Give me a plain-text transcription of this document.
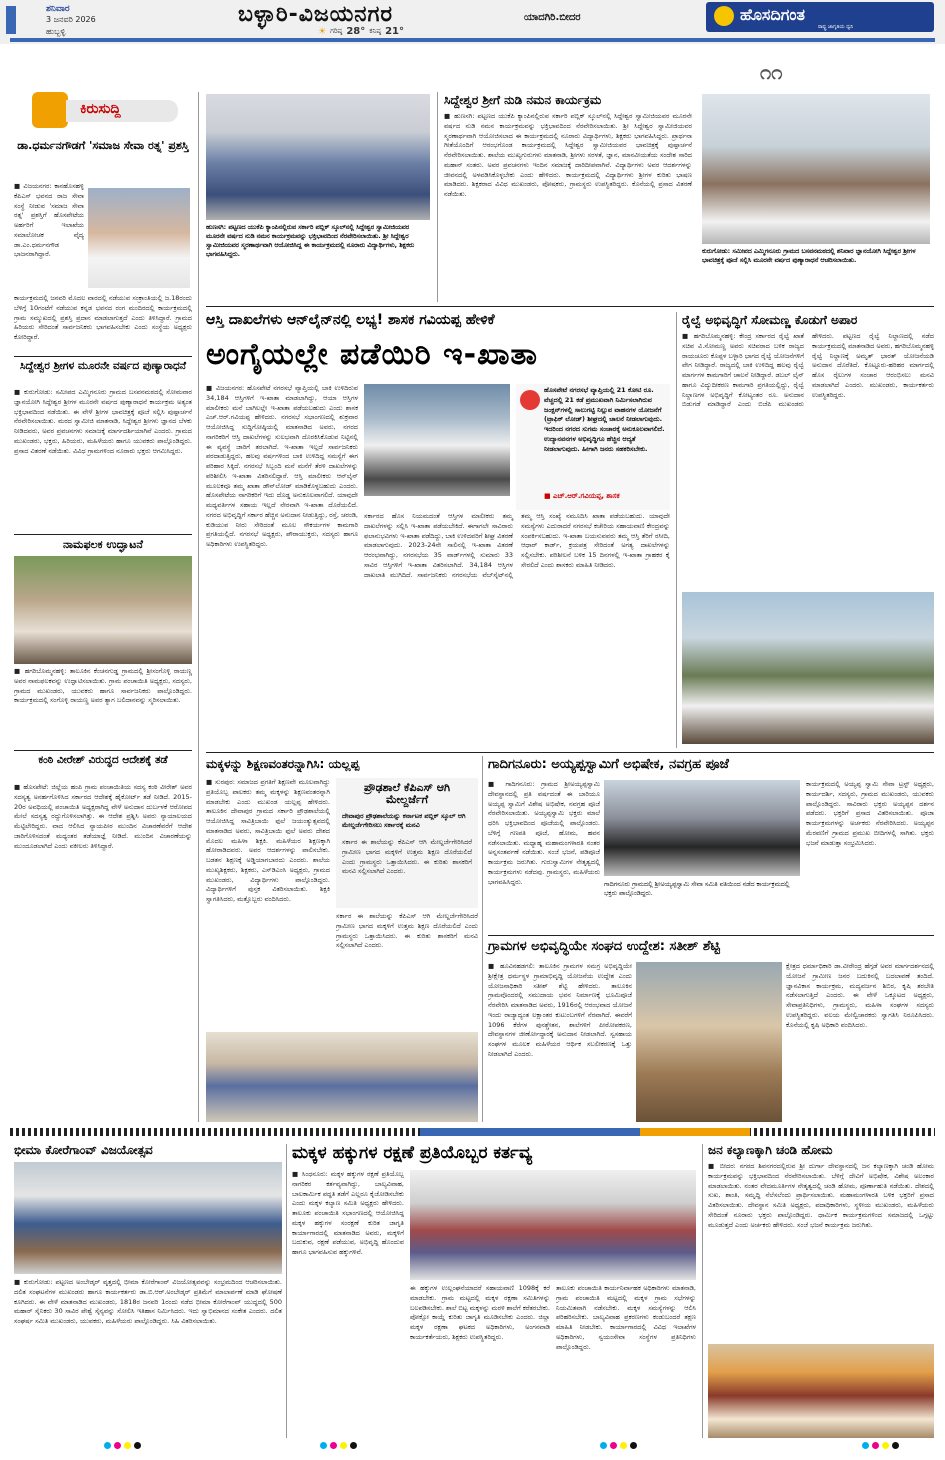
ಶನಿವಾರ
3 ಜನವರಿ 2026
ಹುಬ್ಬಳ್ಳಿ
ಬಳ್ಳಾರಿ-ವಿಜಯನಗರ	ಯಾದಗಿರಿ.ಬೀದರ
☀ ಗರಿಷ್ಠ 28° ಕನಿಷ್ಠ 21°
ಹೊಸದಿಗಂತ
ರಾಷ್ಟ್ರ ಜಾಗೃತಿಯ ಧ್ವನಿ
೧೧
ಕಿರುಸುದ್ದಿ
ಡಾ.ಧರ್ಮನಗೌಡಗೆ 'ಸಮಾಜ ಸೇವಾ ರತ್ನ' ಪ್ರಶಸ್ತಿ
■ ವಿಜಯನಗರ: ಕಾನಹೊಸಹಳ್ಳಿ ಕೆಪಿಎಸ್ ಭವನದ ರಾಜ ಸೇವಾ ಸಂಸ್ಥೆ ನೀಡುವ 'ಸಮಾಜ ಸೇವಾ ರತ್ನ' ಪ್ರಶಸ್ತಿಗೆ ಹೊಸಪೇಟೆಯ ಅರ್ಹರಿಗೆ ಇಲಾಖೆಯ ಸಮಾಲೋಚಕ ವೈದ್ಯ ಡಾ.ಎಂ.ಧರ್ಮನಗೌಡ ಭಾಜನರಾಗಿದ್ದಾರೆ.
ಕಾರ್ಯಕ್ರಮದಲ್ಲಿ ಜನವರಿ ಮೊದಲ ವಾರದಲ್ಲಿ ನಡೆಯುವ ಸಂಕ್ರಾಂತಿಯಲ್ಲಿ ಜ.18ರಂದು ಬೆಳಿಗ್ಗೆ 10ಗಂಟೆಗೆ ನಡೆಯುವ ಕನ್ನಡ ಭವನದ ರಂಗ ಮಂದಿರದಲ್ಲಿ ಕಾರ್ಯಕ್ರಮದಲ್ಲಿ ಗ್ರಾಮ ಸಮ್ಮುಖದಲ್ಲಿ ಪ್ರಶಸ್ತಿ ಪ್ರದಾನ ಮಾಡಲಾಗುತ್ತದೆ ಎಂದು ತಿಳಿಸಿದ್ದಾರೆ. ಗ್ರಾಮದ ಹಿರಿಯರು ಸೇರಿದಂತೆ ಸಾರ್ವಜನಿಕರು ಭಾಗವಹಿಸಬೇಕು ಎಂದು ಸಂಸ್ಥೆಯ ಅಧ್ಯಕ್ಷರು ಕೋರಿದ್ದಾರೆ.
ಸಿದ್ದೇಶ್ವರ ಶ್ರೀಗಳ ಮೂರನೇ ವರ್ಷದ ಪುಣ್ಯಾರಾಧನೆ
■ ಕುರುಗೋಡು: ಸಮೀಪದ ಎಮ್ಮಿಗನೂರು ಗ್ರಾಮದ ಬಸವನಮಠದಲ್ಲಿ ಸೋಮವಾರ ಜ್ಞಾನಯೋಗಿ ಸಿದ್ದೇಶ್ವರ ಶ್ರೀಗಳ ಮೂರನೇ ವರ್ಷದ ಪುಣ್ಯಾರಾಧನೆ ಕಾರ್ಯಕ್ರಮ ಅತ್ಯಂತ ಭಕ್ತಿಭಾವದಿಂದ ನಡೆಯಿತು. ಈ ವೇಳೆ ಶ್ರೀಗಳ ಭಾವಚಿತ್ರಕ್ಕೆ ಪೂಜೆ ಸಲ್ಲಿಸಿ ಪುಷ್ಪಾರ್ಚನೆ ನೆರವೇರಿಸಲಾಯಿತು. ಮಠದ ಸ್ವಾಮೀಜಿ ಮಾತನಾಡಿ, ಸಿದ್ದೇಶ್ವರ ಶ್ರೀಗಳು ಜ್ಞಾನದ ಬೆಳಕು ನೀಡಿದವರು, ಅವರ ಪ್ರವಚನಗಳು ಸಮಾಜಕ್ಕೆ ಮಾರ್ಗದರ್ಶಿಯಾಗಿವೆ ಎಂದರು. ಗ್ರಾಮದ ಮುಖಂಡರು, ಭಕ್ತರು, ಹಿರಿಯರು, ಮಹಿಳೆಯರು ಹಾಗೂ ಯುವಕರು ಪಾಲ್ಗೊಂಡಿದ್ದರು. ಪ್ರಸಾದ ವಿತರಣೆ ನಡೆಯಿತು. ವಿವಿಧ ಗ್ರಾಮಗಳಿಂದ ನೂರಾರು ಭಕ್ತರು ಆಗಮಿಸಿದ್ದರು.
ನಾಮಫಲಕ ಉದ್ಘಾಟನೆ
■ ಹಗರಿಬೊಮ್ಮನಹಳ್ಳಿ: ತಾಲೂಕಿನ ಕೆಂಚನಗುಡ್ಡ ಗ್ರಾಮದಲ್ಲಿ ಶ್ರೀಸಂಗೊಳ್ಳಿ ರಾಯಣ್ಣ ಅವರ ನಾಮಫಲಕವನ್ನು ಉದ್ಘಾಟಿಸಲಾಯಿತು. ಗ್ರಾಮ ಪಂಚಾಯಿತಿ ಅಧ್ಯಕ್ಷರು, ಸದಸ್ಯರು, ಗ್ರಾಮದ ಮುಖಂಡರು, ಯುವಕರು ಹಾಗೂ ಸಾರ್ವಜನಿಕರು ಪಾಲ್ಗೊಂಡಿದ್ದರು. ಕಾರ್ಯಕ್ರಮದಲ್ಲಿ ಸಂಗೊಳ್ಳಿ ರಾಯಣ್ಣ ಅವರ ತ್ಯಾಗ ಬಲಿದಾನವನ್ನು ಸ್ಮರಿಸಲಾಯಿತು.
ಕಂಠಿ ವೀರೇಶ್ ವಿರುದ್ಧದ ಆದೇಶಕ್ಕೆ ತಡೆ
■ ಹೊಸಪೇಟೆ: ಜಿಲ್ಲೆಯ ಹಂಪಿ ಗ್ರಾಮ ಪಂಚಾಯಿತಿಯ ಸದಸ್ಯ ಕಂಠಿ ವೀರೇಶ್ ಅವರ ಸದಸ್ಯತ್ವ ಅನರ್ಹಗೊಳಿಸಿದ ಸರ್ಕಾರದ ಆದೇಶಕ್ಕೆ ಹೈಕೋರ್ಟ್ ತಡೆ ನೀಡಿದೆ. 2015-20ರ ಅವಧಿಯಲ್ಲಿ ಪಂಚಾಯಿತಿ ಅಧ್ಯಕ್ಷರಾಗಿದ್ದ ವೇಳೆ ಅನುದಾನ ದುರ್ಬಳಕೆ ಆರೋಪದ ಮೇಲೆ ಸದಸ್ಯತ್ವ ರದ್ದುಗೊಳಿಸಲಾಗಿತ್ತು. ಈ ಆದೇಶ ಪ್ರಶ್ನಿಸಿ ಅವರು ನ್ಯಾಯಾಲಯದ ಮೆಟ್ಟಿಲೇರಿದ್ದರು. ವಾದ ಆಲಿಸಿದ ನ್ಯಾಯಪೀಠ ಮುಂದಿನ ವಿಚಾರಣೆವರೆಗೆ ಆದೇಶ ಜಾರಿಗೊಳಿಸದಂತೆ ಮಧ್ಯಂತರ ತಡೆಯಾಜ್ಞೆ ನೀಡಿದೆ. ಮುಂದಿನ ವಿಚಾರಣೆಯನ್ನು ಮುಂದೂಡಲಾಗಿದೆ ಎಂದು ವಕೀಲರು ತಿಳಿಸಿದ್ದಾರೆ.
ಹುಣಸಗಿ: ಪಟ್ಟಣದ ಯುಕೆಪಿ ಕ್ಯಾಂಪಿನಲ್ಲಿರುವ ಸರ್ಕಾರಿ ಪಬ್ಲಿಕ್ ಸ್ಕೂಲ್‌ನಲ್ಲಿ ಸಿದ್ದೇಶ್ವರ ಸ್ವಾಮೀಜಿಯವರ ಮೂರನೇ ವರ್ಷದ ನುಡಿ ನಮನ ಕಾರ್ಯಕ್ರಮವನ್ನು ಭಕ್ತಿಭಾವದಿಂದ ನೆರವೇರಿಸಲಾಯಿತು. ಶ್ರೀ ಸಿದ್ದೇಶ್ವರ ಸ್ವಾಮೀಜಿಯವರ ಸ್ಮರಣಾರ್ಥವಾಗಿ ಆಯೋಜಿಸಿದ್ದ ಈ ಕಾರ್ಯಕ್ರಮದಲ್ಲಿ ನೂರಾರು ವಿದ್ಯಾರ್ಥಿಗಳು, ಶಿಕ್ಷಕರು ಭಾಗವಹಿಸಿದ್ದರು.
ಸಿದ್ದೇಶ್ವರ ಶ್ರೀಗೆ ನುಡಿ ನಮನ ಕಾರ್ಯಕ್ರಮ
■ ಹುಣಸಗಿ: ಪಟ್ಟಣದ ಯುಕೆಪಿ ಕ್ಯಾಂಪಿನಲ್ಲಿರುವ ಸರ್ಕಾರಿ ಪಬ್ಲಿಕ್ ಸ್ಕೂಲ್‌ನಲ್ಲಿ ಸಿದ್ದೇಶ್ವರ ಸ್ವಾಮೀಜಿಯವರ ಮೂರನೇ ವರ್ಷದ ನುಡಿ ನಮನ ಕಾರ್ಯಕ್ರಮವನ್ನು ಭಕ್ತಿಭಾವದಿಂದ ನೆರವೇರಿಸಲಾಯಿತು. ಶ್ರೀ ಸಿದ್ದೇಶ್ವರ ಸ್ವಾಮೀಜಿಯವರ ಸ್ಮರಣಾರ್ಥವಾಗಿ ಆಯೋಜಿಸಲಾದ ಈ ಕಾರ್ಯಕ್ರಮದಲ್ಲಿ ನೂರಾರು ವಿದ್ಯಾರ್ಥಿಗಳು, ಶಿಕ್ಷಕರು ಭಾಗವಹಿಸಿದ್ದರು. ಪ್ರಾರ್ಥನಾ ಗೀತೆಯೊಂದಿಗೆ ಆರಂಭಗೊಂಡ ಕಾರ್ಯಕ್ರಮದಲ್ಲಿ ಸಿದ್ದೇಶ್ವರ ಸ್ವಾಮೀಜಿಯವರ ಭಾವಚಿತ್ರಕ್ಕೆ ಪುಷ್ಪಾರ್ಚನೆ ನೆರವೇರಿಸಲಾಯಿತು. ಶಾಲೆಯ ಮುಖ್ಯಗುರುಗಳು ಮಾತನಾಡಿ, ಶ್ರೀಗಳು ಸರಳತೆ, ಜ್ಞಾನ, ಮಾನವೀಯತೆಯ ಸಂದೇಶ ಸಾರಿದ ಮಹಾನ್ ಸಂತರು. ಅವರ ಪ್ರವಚನಗಳು ಇಂದಿನ ಸಮಾಜಕ್ಕೆ ದಾರಿದೀಪವಾಗಿವೆ. ವಿದ್ಯಾರ್ಥಿಗಳು ಅವರ ಆದರ್ಶಗಳನ್ನು ಜೀವನದಲ್ಲಿ ಅಳವಡಿಸಿಕೊಳ್ಳಬೇಕು ಎಂದು ಹೇಳಿದರು. ಕಾರ್ಯಕ್ರಮದಲ್ಲಿ ವಿದ್ಯಾರ್ಥಿಗಳು ಶ್ರೀಗಳ ಕುರಿತು ಭಾಷಣ ಮಾಡಿದರು. ಶಿಕ್ಷಕರಾದ ವಿವಿಧ ಮುಖಂಡರು, ಪೋಷಕರು, ಗ್ರಾಮಸ್ಥರು ಉಪಸ್ಥಿತರಿದ್ದರು. ಕೊನೆಯಲ್ಲಿ ಪ್ರಸಾದ ವಿತರಣೆ ನಡೆಯಿತು.
ಕುರುಗೋಡು: ಸಮೀಪದ ಎಮ್ಮಿಗನೂರು ಗ್ರಾಮದ ಬಸವನಮಠದಲ್ಲಿ ಶನಿವಾರ ಜ್ಞಾನಯೋಗಿ ಸಿದ್ದೇಶ್ವರ ಶ್ರೀಗಳ ಭಾವಚಿತ್ರಕ್ಕೆ ಪೂಜೆ ಸಲ್ಲಿಸಿ ಮೂರನೇ ವರ್ಷದ ಪುಣ್ಯಾರಾಧನೆ ಆಚರಿಸಲಾಯಿತು.
ಆಸ್ತಿ ದಾಖಲೆಗಳು ಆನ್‌ಲೈನ್‌ನಲ್ಲಿ ಲಭ್ಯ! ಶಾಸಕ ಗವಿಯಪ್ಪ ಹೇಳಿಕೆ
ಅಂಗೈಯಲ್ಲೇ ಪಡೆಯಿರಿ ಇ-ಖಾತಾ
■ ವಿಜಯನಗರ: ಹೊಸಪೇಟೆ ನಗರಸಭೆ ವ್ಯಾಪ್ತಿಯಲ್ಲಿ ಬಾಕಿ ಉಳಿದಿರುವ 34,184 ಆಸ್ತಿಗಳಿಗೆ ಇ-ಖಾತಾ ಮಾಡಲಾಗಿದ್ದು, ಆಯಾ ಆಸ್ತಿಗಳ ಮಾಲೀಕರು ಮನೆ ಬಾಗಿಲಲ್ಲೇ ಇ-ಖಾತಾ ಪಡೆಯಬಹುದು ಎಂದು ಶಾಸಕ ಎಚ್.ಆರ್.ಗವಿಯಪ್ಪ ಹೇಳಿದರು. ನಗರಸಭೆ ಸಭಾಂಗಣದಲ್ಲಿ ಶುಕ್ರವಾರ ಆಯೋಜಿಸಿದ್ದ ಸುದ್ದಿಗೋಷ್ಠಿಯಲ್ಲಿ ಮಾತನಾಡಿದ ಅವರು, ನಗರದ ನಾಗರಿಕರಿಗೆ ಆಸ್ತಿ ದಾಖಲೆಗಳನ್ನು ಸುಲಭವಾಗಿ ದೊರಕಿಸಿಕೊಡುವ ನಿಟ್ಟಿನಲ್ಲಿ ಈ ವ್ಯವಸ್ಥೆ ಜಾರಿಗೆ ತರಲಾಗಿದೆ. ಇ-ಖಾತಾ ಇಲ್ಲದೆ ಸಾರ್ವಜನಿಕರು ಪರದಾಡುತ್ತಿದ್ದರು, ಹಲವು ವರ್ಷಗಳಿಂದ ಬಾಕಿ ಉಳಿದಿದ್ದ ಸಮಸ್ಯೆಗೆ ಈಗ ಪರಿಹಾರ ಸಿಕ್ಕಿದೆ. ನಗರಸಭೆ ಸಿಬ್ಬಂದಿ ಮನೆ ಮನೆಗೆ ತೆರಳಿ ದಾಖಲೆಗಳನ್ನು ಪರಿಶೀಲಿಸಿ ಇ-ಖಾತಾ ವಿತರಿಸಲಿದ್ದಾರೆ. ಆಸ್ತಿ ಮಾಲೀಕರು ಆನ್‌ಲೈನ್ ಮೂಲಕವೂ ತಮ್ಮ ಖಾತಾ ಡೌನ್‌ಲೋಡ್ ಮಾಡಿಕೊಳ್ಳಬಹುದು ಎಂದರು. ಹೊಸಪೇಟೆಯ ನಾಗರಿಕರಿಗೆ ಇದು ದೊಡ್ಡ ಅನುಕೂಲವಾಗಲಿದೆ. ಯಾವುದೇ ಮಧ್ಯವರ್ತಿಗಳ ಸಹಾಯ ಇಲ್ಲದೆ ನೇರವಾಗಿ ಇ-ಖಾತಾ ದೊರೆಯಲಿದೆ. ನಗರದ ಅಭಿವೃದ್ಧಿಗೆ ಸರ್ಕಾರ ಹೆಚ್ಚಿನ ಅನುದಾನ ನೀಡುತ್ತಿದ್ದು, ರಸ್ತೆ, ಚರಂಡಿ, ಕುಡಿಯುವ ನೀರು ಸೇರಿದಂತೆ ಮೂಲ ಸೌಕರ್ಯಗಳ ಕಾಮಗಾರಿ ಪ್ರಗತಿಯಲ್ಲಿದೆ. ನಗರಸಭೆ ಅಧ್ಯಕ್ಷರು, ಪೌರಾಯುಕ್ತರು, ಸದಸ್ಯರು ಹಾಗೂ ಅಧಿಕಾರಿಗಳು ಉಪಸ್ಥಿತರಿದ್ದರು.
ಹೊಸಪೇಟೆ ನಗರಸಭೆ ವ್ಯಾಪ್ತಿಯಲ್ಲಿ 21 ಕೋಟಿ ರೂ. ವೆಚ್ಚದಲ್ಲಿ 21 ಕಡೆ ಪ್ರಮುಖವಾಗಿ ನಿರ್ಮಿಸಲಾಗಿರುವ ಜಂಕ್ಷನ್‌ಗಳಲ್ಲಿ ಸಾಲುಗಟ್ಟಿ ನಿಲ್ಲುವ ವಾಹನಗಳ ಯೋಜನೆಗೆ (ಟ್ರಾಫಿಕ್ ಲೋಡ್) ಶೀಘ್ರದಲ್ಲಿ ಚಾಲನೆ ನೀಡಲಾಗುವುದು. ಇದರಿಂದ ನಗರದ ಸುಗಮ ಸಂಚಾರಕ್ಕೆ ಅನುಕೂಲವಾಗಲಿದೆ. ಉದ್ಯಾನವನಗಳ ಅಭಿವೃದ್ಧಿಗೂ ಹೆಚ್ಚಿನ ಆದ್ಯತೆ ನೀಡಲಾಗುವುದು. ಹೀಗಾಗಿ ಜನರು ಸಹಕರಿಸಬೇಕು.
■ ಎಚ್.ಆರ್.ಗವಿಯಪ್ಪ, ಶಾಸಕ
ಸರ್ಕಾರದ ಹೊಸ ನಿಯಮದಂತೆ ಆಸ್ತಿಗಳ ಮಾಲೀಕರು ತಮ್ಮ ದಾಖಲೆಗಳನ್ನು ಸಲ್ಲಿಸಿ ಇ-ಖಾತಾ ಪಡೆಯಬೇಕಿದೆ. ಈಗಾಗಲೇ ಸಾವಿರಾರು ಫಲಾನುಭವಿಗಳು ಇ-ಖಾತಾ ಪಡೆದಿದ್ದು, ಬಾಕಿ ಉಳಿದವರಿಗೆ ಶೀಘ್ರ ವಿತರಣೆ ಮಾಡಲಾಗುವುದು. 2023-24ನೇ ಸಾಲಿನಲ್ಲಿ ಇ-ಖಾತಾ ವಿತರಣೆ ಆರಂಭವಾಗಿದ್ದು, ನಗರಸಭೆಯ 35 ವಾರ್ಡ್‌ಗಳಲ್ಲಿ ಸುಮಾರು 33 ಸಾವಿರ ಆಸ್ತಿಗಳಿಗೆ ಇ-ಖಾತಾ ವಿತರಿಸಲಾಗಿದೆ. 34,184 ಆಸ್ತಿಗಳ ದಾಖಲಾತಿ ಮುಗಿದಿದೆ. ಸಾರ್ವಜನಿಕರು ನಗರಸಭೆಯ ವೆಬ್‌ಸೈಟ್‌ನಲ್ಲಿ ತಮ್ಮ ಆಸ್ತಿ ಸಂಖ್ಯೆ ನಮೂದಿಸಿ ಖಾತಾ ಪಡೆಯಬಹುದು. ಯಾವುದೇ ಸಮಸ್ಯೆಗಳು ಎದುರಾದರೆ ನಗರಸಭೆ ಕಚೇರಿಯ ಸಹಾಯವಾಣಿ ಕೇಂದ್ರವನ್ನು ಸಂಪರ್ಕಿಸಬಹುದು. ಇ-ಖಾತಾ ಬಯಸುವವರು ತಮ್ಮ ಆಸ್ತಿ ತೆರಿಗೆ ರಸೀದಿ, ಆಧಾರ್ ಕಾರ್ಡ್, ಕ್ರಯಪತ್ರ ಸೇರಿದಂತೆ ಅಗತ್ಯ ದಾಖಲೆಗಳನ್ನು ಸಲ್ಲಿಸಬೇಕು. ಪರಿಶೀಲನೆ ಬಳಿಕ 15 ದಿನಗಳಲ್ಲಿ ಇ-ಖಾತಾ ಗ್ರಾಹಕರ ಕೈ ಸೇರಲಿದೆ ಎಂದು ಶಾಸಕರು ಮಾಹಿತಿ ನೀಡಿದರು.
ರೈಲ್ವೆ ಅಭಿವೃದ್ಧಿಗೆ ಸೋಮಣ್ಣ ಕೊಡುಗೆ ಅಪಾರ
■ ಹಗರಿಬೊಮ್ಮನಹಳ್ಳಿ: ಕೇಂದ್ರ ಸರ್ಕಾರದ ರೈಲ್ವೆ ಖಾತೆ ಸಚಿವ ವಿ.ಸೋಮಣ್ಣ ಅವರು ಸಚಿವರಾದ ಬಳಿಕ ರಾಜ್ಯದ ರಾಯಚೂರು ಕೊಪ್ಪಳ ಬಳ್ಳಾರಿ ಭಾಗದ ರೈಲ್ವೆ ಯೋಜನೆಗಳಿಗೆ ವೇಗ ನೀಡಿದ್ದಾರೆ. ರಾಜ್ಯದಲ್ಲಿ ಬಾಕಿ ಉಳಿದಿದ್ದ ಹಲವು ರೈಲ್ವೆ ಮಾರ್ಗಗಳ ಕಾಮಗಾರಿಗೆ ಚಾಲನೆ ನೀಡಿದ್ದಾರೆ. ಡಬಲ್ ಲೈನ್ ಹಾಗೂ ವಿದ್ಯುದೀಕರಣ ಕಾಮಗಾರಿ ಪ್ರಗತಿಯಲ್ಲಿದ್ದು, ರೈಲ್ವೆ ನಿಲ್ದಾಣಗಳ ಅಭಿವೃದ್ಧಿಗೆ ಕೋಟ್ಯಂತರ ರೂ. ಅನುದಾನ ಬಿಡುಗಡೆ ಮಾಡಿದ್ದಾರೆ ಎಂದು ಬಿಜೆಪಿ ಮುಖಂಡರು ಹೇಳಿದರು. ಪಟ್ಟಣದ ರೈಲ್ವೆ ನಿಲ್ದಾಣದಲ್ಲಿ ನಡೆದ ಕಾರ್ಯಕ್ರಮದಲ್ಲಿ ಮಾತನಾಡಿದ ಅವರು, ಹಗರಿಬೊಮ್ಮನಹಳ್ಳಿ ರೈಲ್ವೆ ನಿಲ್ದಾಣಕ್ಕೆ ಅಮೃತ್ ಭಾರತ್ ಯೋಜನೆಯಡಿ ಅನುದಾನ ದೊರೆತಿದೆ. ಕೊಟ್ಟೂರು-ಹರಿಹರ ಮಾರ್ಗದಲ್ಲಿ ಹೊಸ ರೈಲುಗಳ ಸಂಚಾರ ಆರಂಭಿಸಲು ಮನವಿ ಮಾಡಲಾಗಿದೆ ಎಂದರು. ಮುಖಂಡರು, ಕಾರ್ಯಕರ್ತರು ಉಪಸ್ಥಿತರಿದ್ದರು.
ಮಕ್ಕಳನ್ನು ಶಿಕ್ಷಣವಂತರನ್ನಾಗಿಸಿ: ಯಲ್ಲಪ್ಪ
■ ಸುರಪುರ: ಸಮಾಜದ ಪ್ರಗತಿಗೆ ಶಿಕ್ಷಣವೇ ಮೂಲವಾಗಿದ್ದು ಪ್ರತಿಯೊಬ್ಬ ಪಾಲಕರು ತಮ್ಮ ಮಕ್ಕಳನ್ನು ಶಿಕ್ಷಣವಂತರನ್ನಾಗಿ ಮಾಡಬೇಕು ಎಂದು ಮುಖಂಡ ಯಲ್ಲಪ್ಪ ಹೇಳಿದರು. ತಾಲೂಕಿನ ದೇವಾಪುರ ಗ್ರಾಮದ ಸರ್ಕಾರಿ ಪ್ರೌಢಶಾಲೆಯಲ್ಲಿ ಆಯೋಜಿಸಿದ್ದ ಸಾವಿತ್ರಿಬಾಯಿ ಫುಲೆ ಜಯಂತ್ಯುತ್ಸವದಲ್ಲಿ ಮಾತನಾಡಿದ ಅವರು, ಸಾವಿತ್ರಿಬಾಯಿ ಫುಲೆ ಅವರು ದೇಶದ ಮೊದಲ ಮಹಿಳಾ ಶಿಕ್ಷಕಿ. ಮಹಿಳೆಯರ ಶಿಕ್ಷಣಕ್ಕಾಗಿ ಹೋರಾಡಿದವರು. ಅವರ ಆದರ್ಶಗಳನ್ನು ಪಾಲಿಸಬೇಕು. ಬಡತನ ಶಿಕ್ಷಣಕ್ಕೆ ಅಡ್ಡಿಯಾಗಬಾರದು ಎಂದರು. ಶಾಲೆಯ ಮುಖ್ಯಶಿಕ್ಷಕರು, ಶಿಕ್ಷಕರು, ಎಸ್‌ಡಿಎಂಸಿ ಅಧ್ಯಕ್ಷರು, ಗ್ರಾಮದ ಮುಖಂಡರು, ವಿದ್ಯಾರ್ಥಿಗಳು ಪಾಲ್ಗೊಂಡಿದ್ದರು. ವಿದ್ಯಾರ್ಥಿಗಳಿಗೆ ಪುಸ್ತಕ ವಿತರಿಸಲಾಯಿತು. ಶಿಕ್ಷಕಿ ಸ್ವಾಗತಿಸಿದರು, ಮತ್ತೊಬ್ಬರು ವಂದಿಸಿದರು.
ಪ್ರೌಢಶಾಲೆ ಕೆಪಿಎಸ್ ಆಗಿ ಮೇಲ್ದರ್ಜೆಗೆ
ದೇವಾಪುರ ಪ್ರೌಢಶಾಲೆಯನ್ನು ಕರ್ನಾಟಕ ಪಬ್ಲಿಕ್ ಸ್ಕೂಲ್ ಆಗಿ ಮೇಲ್ದರ್ಜೆಗೇರಿಸಲು ಸರ್ಕಾರಕ್ಕೆ ಮನವಿ
ಸರ್ಕಾರ ಈ ಶಾಲೆಯನ್ನು ಕೆಪಿಎಸ್ ಆಗಿ ಮೇಲ್ದರ್ಜೆಗೇರಿಸಿದರೆ ಗ್ರಾಮೀಣ ಭಾಗದ ಮಕ್ಕಳಿಗೆ ಉತ್ತಮ ಶಿಕ್ಷಣ ದೊರೆಯಲಿದೆ ಎಂದು ಗ್ರಾಮಸ್ಥರು ಒತ್ತಾಯಿಸಿದರು. ಈ ಕುರಿತು ಶಾಸಕರಿಗೆ ಮನವಿ ಸಲ್ಲಿಸಲಾಗಿದೆ ಎಂದರು.
ಸರ್ಕಾರ ಈ ಶಾಲೆಯನ್ನು ಕೆಪಿಎಸ್ ಆಗಿ ಮೇಲ್ದರ್ಜೆಗೇರಿಸಿದರೆ ಗ್ರಾಮೀಣ ಭಾಗದ ಮಕ್ಕಳಿಗೆ ಉತ್ತಮ ಶಿಕ್ಷಣ ದೊರೆಯಲಿದೆ ಎಂದು ಗ್ರಾಮಸ್ಥರು ಒತ್ತಾಯಿಸಿದರು. ಈ ಕುರಿತು ಶಾಸಕರಿಗೆ ಮನವಿ ಸಲ್ಲಿಸಲಾಗಿದೆ ಎಂದರು.
ಗಾದಿಗನೂರು: ಅಯ್ಯಪ್ಪಸ್ವಾಮಿಗೆ ಅಭಿಷೇಕ, ನವಗ್ರಹ ಪೂಜೆ
■ ಗಾದಿಗನೂರು: ಗ್ರಾಮದ ಶ್ರೀಅಯ್ಯಪ್ಪಸ್ವಾಮಿ ದೇವಸ್ಥಾನದಲ್ಲಿ ಪ್ರತಿ ವರ್ಷದಂತೆ ಈ ಬಾರಿಯೂ ಅಯ್ಯಪ್ಪ ಸ್ವಾಮಿಗೆ ವಿಶೇಷ ಅಭಿಷೇಕ, ನವಗ್ರಹ ಪೂಜೆ ನೆರವೇರಿಸಲಾಯಿತು. ಅಯ್ಯಪ್ಪಸ್ವಾಮಿ ಭಕ್ತರು ಮಾಲೆ ಧರಿಸಿ ಭಕ್ತಿಭಾವದಿಂದ ಪೂಜೆಯಲ್ಲಿ ಪಾಲ್ಗೊಂಡರು. ಬೆಳಿಗ್ಗೆ ಗಣಪತಿ ಪೂಜೆ, ಹೋಮ, ಹವನ ನಡೆಸಲಾಯಿತು. ಮಧ್ಯಾಹ್ನ ಮಹಾಮಂಗಳಾರತಿ ನಂತರ ಅನ್ನಸಂತರ್ಪಣೆ ನಡೆಯಿತು. ಸಂಜೆ ಭಜನೆ, ಪಡಿಪೂಜೆ ಕಾರ್ಯಕ್ರಮ ಜರುಗಿತು. ಗುರುಸ್ವಾಮಿಗಳ ನೇತೃತ್ವದಲ್ಲಿ ಕಾರ್ಯಕ್ರಮಗಳು ನಡೆದವು. ಗ್ರಾಮಸ್ಥರು, ಮಹಿಳೆಯರು ಭಾಗವಹಿಸಿದ್ದರು.	ಗಾದಿಗನೂರು ಗ್ರಾಮದಲ್ಲಿ ಶ್ರೀಅಯ್ಯಪ್ಪಸ್ವಾಮಿ ಸೇವಾ ಸಮಿತಿ ವತಿಯಿಂದ ನಡೆದ ಕಾರ್ಯಕ್ರಮದಲ್ಲಿ ಭಕ್ತರು ಪಾಲ್ಗೊಂಡಿದ್ದರು.
ಕಾರ್ಯಕ್ರಮದಲ್ಲಿ ಅಯ್ಯಪ್ಪ ಸ್ವಾಮಿ ಸೇವಾ ಟ್ರಸ್ಟ್ ಅಧ್ಯಕ್ಷರು, ಕಾರ್ಯದರ್ಶಿ, ಸದಸ್ಯರು, ಗ್ರಾಮದ ಮುಖಂಡರು, ಯುವಕರು ಪಾಲ್ಗೊಂಡಿದ್ದರು. ಸಾವಿರಾರು ಭಕ್ತರು ಅಯ್ಯಪ್ಪನ ದರ್ಶನ ಪಡೆದರು. ಭಕ್ತರಿಗೆ ಪ್ರಸಾದ ವಿತರಿಸಲಾಯಿತು. ಪೂಜಾ ಕಾರ್ಯಕ್ರಮಗಳನ್ನು ಅರ್ಚಕರು ನೆರವೇರಿಸಿದರು. ಅಯ್ಯಪ್ಪನ ಮೆರವಣಿಗೆ ಗ್ರಾಮದ ಪ್ರಮುಖ ಬೀದಿಗಳಲ್ಲಿ ಸಾಗಿತು. ಭಕ್ತರು ಭಜನೆ ಮಾಡುತ್ತಾ ಸಂಭ್ರಮಿಸಿದರು.
ಗ್ರಾಮಗಳ ಅಭಿವೃದ್ಧಿಯೇ ಸಂಘದ ಉದ್ದೇಶ: ಸತೀಶ್ ಶೆಟ್ಟಿ
■ ಹೂವಿನಹಡಗಲಿ: ತಾಲೂಕಿನ ಗ್ರಾಮಗಳ ಸಮಗ್ರ ಅಭಿವೃದ್ಧಿಯೇ ಶ್ರೀಕ್ಷೇತ್ರ ಧರ್ಮಸ್ಥಳ ಗ್ರಾಮಾಭಿವೃದ್ಧಿ ಯೋಜನೆಯ ಉದ್ದೇಶ ಎಂದು ಯೋಜನಾಧಿಕಾರಿ ಸತೀಶ್ ಶೆಟ್ಟಿ ಹೇಳಿದರು. ತಾಲೂಕಿನ ಗ್ರಾಮವೊಂದರಲ್ಲಿ ಸಮುದಾಯ ಭವನ ನಿರ್ಮಾಣಕ್ಕೆ ಭೂಮಿಪೂಜೆ ನೆರವೇರಿಸಿ ಮಾತನಾಡಿದ ಅವರು, 1916ರಲ್ಲಿ ಆರಂಭವಾದ ಯೋಜನೆ ಇಂದು ರಾಜ್ಯಾದ್ಯಂತ ಲಕ್ಷಾಂತರ ಕುಟುಂಬಗಳಿಗೆ ನೆರವಾಗಿದೆ. ಈವರೆಗೆ 1096 ಕೆರೆಗಳ ಪುನಶ್ಚೇತನ, ಶಾಲೆಗಳಿಗೆ ಪೀಠೋಪಕರಣ, ದೇವಸ್ಥಾನಗಳ ಜೀರ್ಣೋದ್ಧಾರಕ್ಕೆ ಅನುದಾನ ನೀಡಲಾಗಿದೆ. ಸ್ವಸಹಾಯ ಸಂಘಗಳ ಮೂಲಕ ಮಹಿಳೆಯರ ಆರ್ಥಿಕ ಸಬಲೀಕರಣಕ್ಕೆ ಒತ್ತು ನೀಡಲಾಗಿದೆ ಎಂದರು.
ಕ್ಷೇತ್ರದ ಧರ್ಮಾಧಿಕಾರಿ ಡಾ.ವೀರೇಂದ್ರ ಹೆಗ್ಗಡೆ ಅವರ ಮಾರ್ಗದರ್ಶನದಲ್ಲಿ ಯೋಜನೆ ಗ್ರಾಮೀಣ ಜನರ ಬದುಕಿನಲ್ಲಿ ಬದಲಾವಣೆ ತಂದಿದೆ. ಜ್ಞಾನವಿಕಾಸ ಕಾರ್ಯಕ್ರಮ, ಮದ್ಯವರ್ಜನ ಶಿಬಿರ, ಕೃಷಿ ತರಬೇತಿ ನಡೆಸಲಾಗುತ್ತಿದೆ ಎಂದರು. ಈ ವೇಳೆ ಒಕ್ಕೂಟದ ಅಧ್ಯಕ್ಷರು, ಸೇವಾಪ್ರತಿನಿಧಿಗಳು, ಗ್ರಾಮಸ್ಥರು, ಮಹಿಳಾ ಸಂಘಗಳ ಸದಸ್ಯರು ಉಪಸ್ಥಿತರಿದ್ದರು. ವಲಯ ಮೇಲ್ವಿಚಾರಕರು ಸ್ವಾಗತಿಸಿ ನಿರೂಪಿಸಿದರು. ಕೊನೆಯಲ್ಲಿ ಕೃಷಿ ಅಧಿಕಾರಿ ವಂದಿಸಿದರು.
ಭೀಮಾ ಕೋರೆಗಾಂವ್ ವಿಜಯೋತ್ಸವ
■ ಕುರುಗೋಡು: ಪಟ್ಟಣದ ಅಂಬೇಡ್ಕರ್ ವೃತ್ತದಲ್ಲಿ ಭೀಮಾ ಕೋರೆಗಾಂವ್ ವಿಜಯೋತ್ಸವವನ್ನು ಸಂಭ್ರಮದಿಂದ ಆಚರಿಸಲಾಯಿತು. ದಲಿತ ಸಂಘಟನೆಗಳ ಮುಖಂಡರು ಹಾಗೂ ಕಾರ್ಯಕರ್ತರು ಡಾ.ಬಿ.ಆರ್.ಅಂಬೇಡ್ಕರ್ ಪ್ರತಿಮೆಗೆ ಮಾಲಾರ್ಪಣೆ ಮಾಡಿ ಘೋಷಣೆ ಕೂಗಿದರು. ಈ ವೇಳೆ ಮಾತನಾಡಿದ ಮುಖಂಡರು, 1818ರ ಜನವರಿ 1ರಂದು ನಡೆದ ಭೀಮಾ ಕೋರೆಗಾಂವ್ ಯುದ್ಧದಲ್ಲಿ 500 ಮಹಾರ್ ಸೈನಿಕರು 30 ಸಾವಿರ ಪೇಶ್ವೆ ಸೈನ್ಯವನ್ನು ಸೋಲಿಸಿ ಇತಿಹಾಸ ನಿರ್ಮಿಸಿದರು. ಇದು ಸ್ವಾಭಿಮಾನದ ಸಂಕೇತ ಎಂದರು. ದಲಿತ ಸಂಘರ್ಷ ಸಮಿತಿ ಮುಖಂಡರು, ಯುವಕರು, ಮಹಿಳೆಯರು ಪಾಲ್ಗೊಂಡಿದ್ದರು. ಸಿಹಿ ವಿತರಿಸಲಾಯಿತು.
ಮಕ್ಕಳ ಹಕ್ಕುಗಳ ರಕ್ಷಣೆ ಪ್ರತಿಯೊಬ್ಬರ ಕರ್ತವ್ಯ
■ ಸಿಂಧನೂರು: ಮಕ್ಕಳ ಹಕ್ಕುಗಳ ರಕ್ಷಣೆ ಪ್ರತಿಯೊಬ್ಬ ನಾಗರಿಕರ ಕರ್ತವ್ಯವಾಗಿದ್ದು, ಬಾಲ್ಯವಿವಾಹ, ಬಾಲಕಾರ್ಮಿಕ ಪದ್ಧತಿ ತಡೆಗೆ ಎಲ್ಲರೂ ಕೈಜೋಡಿಸಬೇಕು ಎಂದು ಮಕ್ಕಳ ಕಲ್ಯಾಣ ಸಮಿತಿ ಅಧ್ಯಕ್ಷರು ಹೇಳಿದರು. ತಾಲೂಕು ಪಂಚಾಯಿತಿ ಸಭಾಂಗಣದಲ್ಲಿ ಆಯೋಜಿಸಿದ್ದ ಮಕ್ಕಳ ಹಕ್ಕುಗಳ ಸಂರಕ್ಷಣೆ ಕುರಿತ ಜಾಗೃತಿ ಕಾರ್ಯಾಗಾರದಲ್ಲಿ ಮಾತನಾಡಿದ ಅವರು, ಮಕ್ಕಳಿಗೆ ಬದುಕುವ, ರಕ್ಷಣೆ ಪಡೆಯುವ, ಅಭಿವೃದ್ಧಿ ಹೊಂದುವ ಹಾಗೂ ಭಾಗವಹಿಸುವ ಹಕ್ಕುಗಳಿವೆ.
ಈ ಹಕ್ಕುಗಳ ಉಲ್ಲಂಘನೆಯಾದರೆ ಸಹಾಯವಾಣಿ 1098ಕ್ಕೆ ಕರೆ ಮಾಡಬೇಕು. ಗ್ರಾಮ ಮಟ್ಟದಲ್ಲಿ ಮಕ್ಕಳ ರಕ್ಷಣಾ ಸಮಿತಿಗಳನ್ನು ಬಲಪಡಿಸಬೇಕು. ಶಾಲೆ ಬಿಟ್ಟ ಮಕ್ಕಳನ್ನು ಮರಳಿ ಶಾಲೆಗೆ ಕರೆತರಬೇಕು. ಪೋಕ್ಸೋ ಕಾಯ್ದೆ ಕುರಿತು ಜಾಗೃತಿ ಮೂಡಿಸಬೇಕು ಎಂದರು. ಜಿಲ್ಲಾ ಮಕ್ಕಳ ರಕ್ಷಣಾ ಘಟಕದ ಅಧಿಕಾರಿಗಳು, ಅಂಗನವಾಡಿ ಕಾರ್ಯಕರ್ತೆಯರು, ಶಿಕ್ಷಕರು ಉಪಸ್ಥಿತರಿದ್ದರು.
ತಾಲೂಕು ಪಂಚಾಯಿತಿ ಕಾರ್ಯನಿರ್ವಾಹಕ ಅಧಿಕಾರಿಗಳು ಮಾತನಾಡಿ, ಗ್ರಾಮ ಪಂಚಾಯಿತಿ ಮಟ್ಟದಲ್ಲಿ ಮಕ್ಕಳ ಗ್ರಾಮ ಸಭೆಗಳನ್ನು ನಿಯಮಿತವಾಗಿ ನಡೆಸಬೇಕು. ಮಕ್ಕಳ ಸಮಸ್ಯೆಗಳನ್ನು ಆಲಿಸಿ ಪರಿಹರಿಸಬೇಕು. ಬಾಲ್ಯವಿವಾಹ ಪ್ರಕರಣಗಳು ಕಂಡುಬಂದರೆ ತಕ್ಷಣ ಮಾಹಿತಿ ನೀಡಬೇಕು. ಕಾರ್ಯಾಗಾರದಲ್ಲಿ ವಿವಿಧ ಇಲಾಖೆಗಳ ಅಧಿಕಾರಿಗಳು, ಸ್ವಯಂಸೇವಾ ಸಂಸ್ಥೆಗಳ ಪ್ರತಿನಿಧಿಗಳು ಪಾಲ್ಗೊಂಡಿದ್ದರು.
ಜನ ಕಲ್ಯಾಣಕ್ಕಾಗಿ ಚಂಡಿ ಹೋಮ
■ ಬೀದರ: ನಗರದ ಶಿವನಗರದಲ್ಲಿರುವ ಶ್ರೀ ದುರ್ಗಾ ದೇವಸ್ಥಾನದಲ್ಲಿ ಜನ ಕಲ್ಯಾಣಕ್ಕಾಗಿ ಚಂಡಿ ಹೋಮ ಕಾರ್ಯಕ್ರಮವನ್ನು ಭಕ್ತಿಭಾವದಿಂದ ನೆರವೇರಿಸಲಾಯಿತು. ಬೆಳಿಗ್ಗೆ ದೇವಿಗೆ ಅಭಿಷೇಕ, ವಿಶೇಷ ಅಲಂಕಾರ ಮಾಡಲಾಯಿತು. ನಂತರ ವೇದಮೂರ್ತಿಗಳ ನೇತೃತ್ವದಲ್ಲಿ ಚಂಡಿ ಹೋಮ, ಪೂರ್ಣಾಹುತಿ ನಡೆಯಿತು. ದೇಶದಲ್ಲಿ ಸುಖ, ಶಾಂತಿ, ಸಮೃದ್ಧಿ ನೆಲೆಸಲೆಂದು ಪ್ರಾರ್ಥಿಸಲಾಯಿತು. ಮಹಾಮಂಗಳಾರತಿ ಬಳಿಕ ಭಕ್ತರಿಗೆ ಪ್ರಸಾದ ವಿತರಿಸಲಾಯಿತು. ದೇವಸ್ಥಾನ ಸಮಿತಿ ಅಧ್ಯಕ್ಷರು, ಪದಾಧಿಕಾರಿಗಳು, ಸ್ಥಳೀಯ ಮುಖಂಡರು, ಮಹಿಳೆಯರು ಸೇರಿದಂತೆ ನೂರಾರು ಭಕ್ತರು ಪಾಲ್ಗೊಂಡಿದ್ದರು. ಧಾರ್ಮಿಕ ಕಾರ್ಯಕ್ರಮಗಳಿಂದ ಸಮಾಜದಲ್ಲಿ ಒಗ್ಗಟ್ಟು ಮೂಡುತ್ತದೆ ಎಂದು ಅರ್ಚಕರು ಹೇಳಿದರು. ಸಂಜೆ ಭಜನೆ ಕಾರ್ಯಕ್ರಮ ಜರುಗಿತು.
